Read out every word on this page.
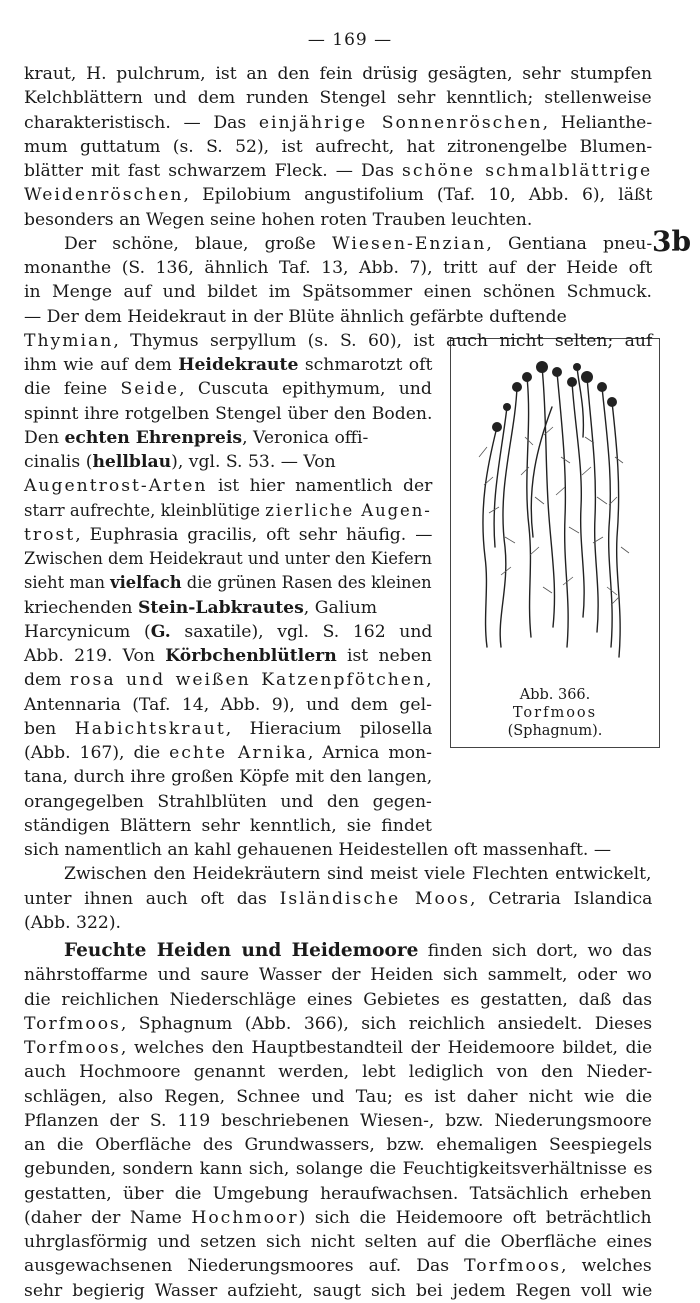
— 169 —
3b
Abb. 366.
Torfmoos
(Sphagnum).
kraut, H. pulchrum, ist an den fein drüsig gesägten, sehr stumpfen
Kelchblättern und dem runden Stengel sehr kenntlich; stellenweise
charakteristisch. — Das einjährige Sonnenröschen, Helianthe-
mum guttatum (s. S. 52), ist aufrecht, hat zitronengelbe Blumen-
blätter mit fast schwarzem Fleck. — Das schöne schmalblättrige
Weidenröschen, Epilobium angustifolium (Taf. 10, Abb. 6), läßt
besonders an Wegen seine hohen roten Trauben leuchten.
Der schöne, blaue, große Wiesen-Enzian, Gentiana pneu-
monanthe (S. 136, ähnlich Taf. 13, Abb. 7), tritt auf der Heide oft
in Menge auf und bildet im Spätsommer einen schönen Schmuck.
— Der dem Heidekraut in der Blüte ähnlich gefärbte duftende
Thymian, Thymus serpyllum (s. S. 60), ist auch nicht selten; auf
ihm wie auf dem Heidekraute schmarotzt oft
die feine Seide, Cuscuta epithymum, und
spinnt ihre rotgelben Stengel über den Boden.
Den echten Ehrenpreis, Veronica offi-
cinalis (hellblau), vgl. S. 53. — Von
Augentrost-Arten ist hier namentlich der
starr aufrechte, kleinblütige zierliche Augen-
trost, Euphrasia gracilis, oft sehr häufig. —
Zwischen dem Heidekraut und unter den Kiefern
sieht man vielfach die grünen Rasen des kleinen
kriechenden Stein-Labkrautes, Galium
Harcynicum (G. saxatile), vgl. S. 162 und
Abb. 219. Von Körbchenblütlern ist neben
dem rosa und weißen Katzenpfötchen,
Antennaria (Taf. 14, Abb. 9), und dem gel-
ben Habichtskraut, Hieracium pilosella
(Abb. 167), die echte Arnika, Arnica mon-
tana, durch ihre großen Köpfe mit den langen,
orangegelben Strahlblüten und den gegen-
ständigen Blättern sehr kenntlich, sie findet
sich namentlich an kahl gehauenen Heidestellen oft massenhaft. —
Zwischen den Heidekräutern sind meist viele Flechten entwickelt,
unter ihnen auch oft das Isländische Moos, Cetraria Islandica
(Abb. 322).
Feuchte Heiden und Heidemoore finden sich dort, wo das
nährstoffarme und saure Wasser der Heiden sich sammelt, oder wo
die reichlichen Niederschläge eines Gebietes es gestatten, daß das
Torfmoos, Sphagnum (Abb. 366), sich reichlich ansiedelt. Dieses
Torfmoos, welches den Hauptbestandteil der Heidemoore bildet, die
auch Hochmoore genannt werden, lebt lediglich von den Nieder-
schlägen, also Regen, Schnee und Tau; es ist daher nicht wie die
Pflanzen der S. 119 beschriebenen Wiesen-, bzw. Niederungsmoore
an die Oberfläche des Grundwassers, bzw. ehemaligen Seespiegels
gebunden, sondern kann sich, solange die Feuchtigkeitsverhältnisse es
gestatten, über die Umgebung heraufwachsen. Tatsächlich erheben
(daher der Name Hochmoor) sich die Heidemoore oft beträchtlich
uhrglasförmig und setzen sich nicht selten auf die Oberfläche eines
ausgewachsenen Niederungsmoores auf. Das Torfmoos, welches
sehr begierig Wasser aufzieht, saugt sich bei jedem Regen voll wie
